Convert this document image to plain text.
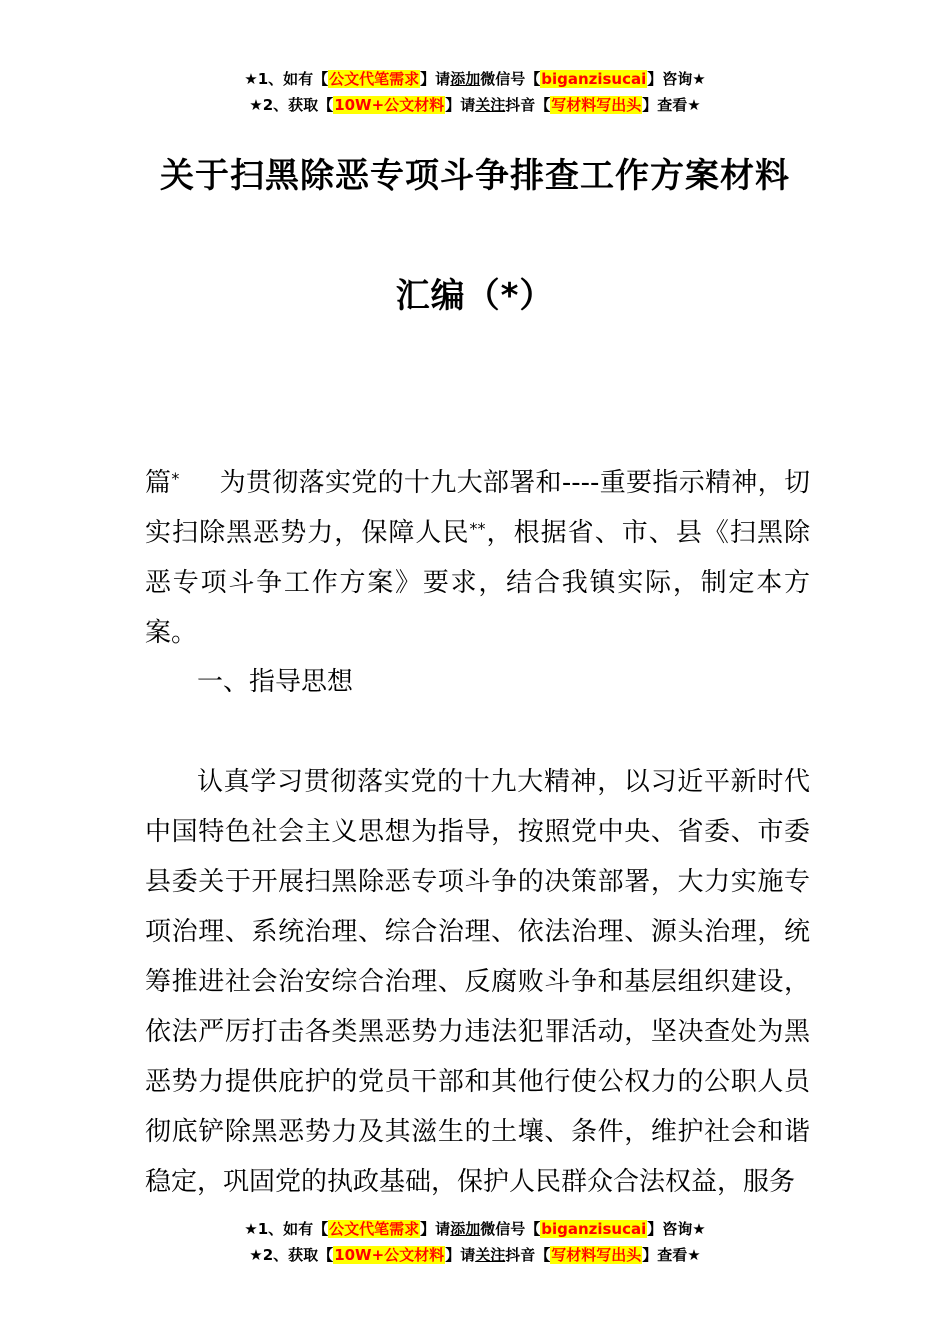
★1、如有【公文代笔需求】请添加微信号【biganzisucai】咨询★
★2、获取【10W+公文材料】请关注抖音【写材料写出头】查看★
关于扫黑除恶专项斗争排查工作方案材料
汇编（*）
篇* 为贯彻落实党的十九大部署和----重要指示精神，切实扫除黑恶势力，保障人民**，根据省、市、县《扫黑除恶专项斗争工作方案》要求，结合我镇实际，制定本方案。
一、指导思想
认真学习贯彻落实党的十九大精神，以习近平新时代中国特色社会主义思想为指导，按照党中央、省委、市委县委关于开展扫黑除恶专项斗争的决策部署，大力实施专项治理、系统治理、综合治理、依法治理、源头治理，统筹推进社会治安综合治理、反腐败斗争和基层组织建设，依法严厉打击各类黑恶势力违法犯罪活动，坚决查处为黑恶势力提供庇护的党员干部和其他行使公权力的公职人员彻底铲除黑恶势力及其滋生的土壤、条件，维护社会和谐稳定，巩固党的执政基础，保护人民群众合法权益，服务
★1、如有【公文代笔需求】请添加微信号【biganzisucai】咨询★
★2、获取【10W+公文材料】请关注抖音【写材料写出头】查看★
